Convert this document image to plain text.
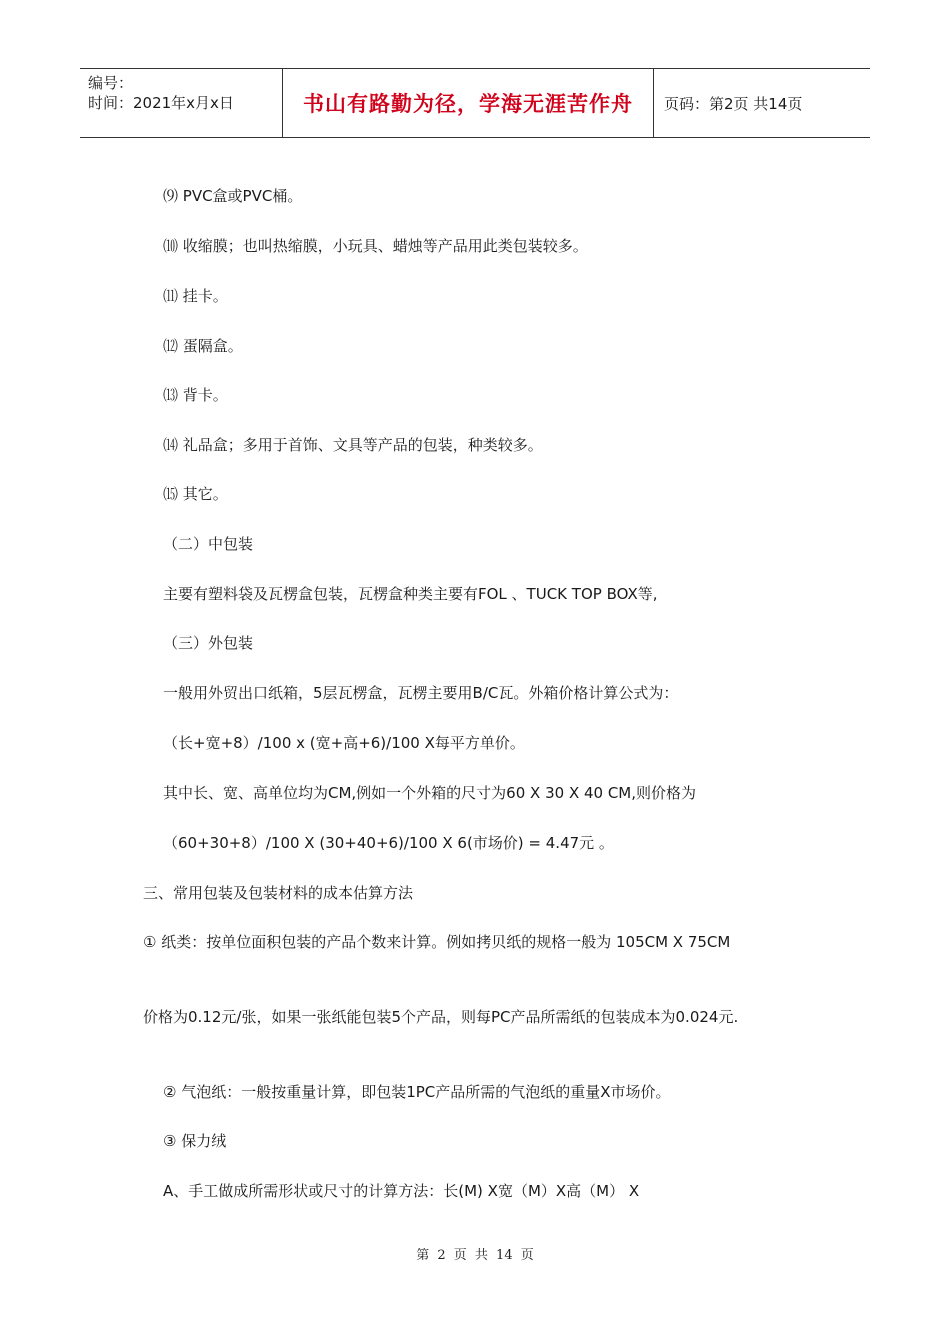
编号：
时间：2021年x月x日	书山有路勤为径，学海无涯苦作舟	页码：第2页 共14页
⑼ PVC盒或PVC桶。
⑽ 收缩膜；也叫热缩膜，小玩具、蜡烛等产品用此类包装较多。
⑾ 挂卡。
⑿ 蛋隔盒。
⒀ 背卡。
⒁ 礼品盒；多用于首饰、文具等产品的包装，种类较多。
⒂ 其它。
（二）中包装
主要有塑料袋及瓦楞盒包装，瓦楞盒种类主要有FOL 、TUCK TOP BOX等,
（三）外包装
一般用外贸出口纸箱，5层瓦楞盒，瓦楞主要用B/C瓦。外箱价格计算公式为：
（长+宽+8）/100 x (宽+高+6)/100 X每平方单价。
其中长、宽、高单位均为CM,例如一个外箱的尺寸为60 X 30 X 40 CM,则价格为
（60+30+8）/100 X (30+40+6)/100 X 6(市场价) = 4.47元 。
三、常用包装及包装材料的成本估算方法
① 纸类：按单位面积包装的产品个数来计算。例如拷贝纸的规格一般为 105CM X 75CM
价格为0.12元/张，如果一张纸能包装5个产品，则每PC产品所需纸的包装成本为0.024元.
② 气泡纸：一般按重量计算，即包装1PC产品所需的气泡纸的重量X市场价。
③ 保力绒
A、手工做成所需形状或尺寸的计算方法：长(M) X宽（M）X高（M） X
第 2 页 共 14 页
